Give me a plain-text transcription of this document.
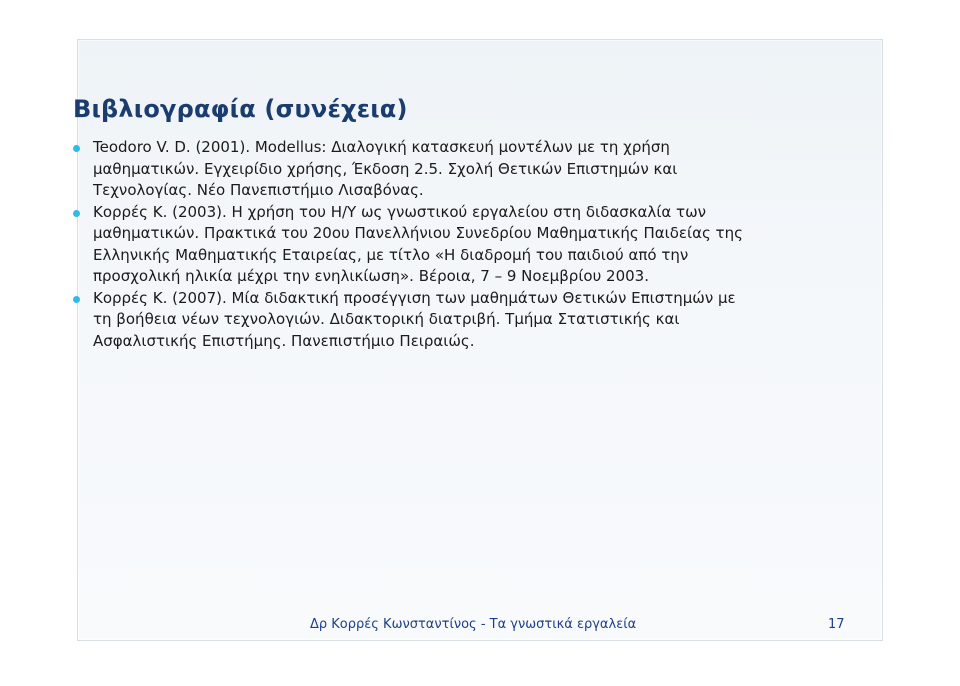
Βιβλιογραφία (συνέχεια)
Teodoro V. D. (2001). Modellus: Διαλογική κατασκευή μοντέλων με τη χρήση
μαθηματικών. Εγχειρίδιο χρήσης, Έκδοση 2.5. Σχολή Θετικών Επιστημών και
Τεχνολογίας. Νέο Πανεπιστήμιο Λισαβόνας.
Κορρές Κ. (2003). Η χρήση του Η/Υ ως γνωστικού εργαλείου στη διδασκαλία των
μαθηματικών. Πρακτικά του 20ου Πανελλήνιου Συνεδρίου Μαθηματικής Παιδείας της
Ελληνικής Μαθηματικής Εταιρείας, με τίτλο «Η διαδρομή του παιδιού από την
προσχολική ηλικία μέχρι την ενηλικίωση». Βέροια, 7 – 9 Νοεμβρίου 2003.
Κορρές Κ. (2007). Μία διδακτική προσέγγιση των μαθημάτων Θετικών Επιστημών με
τη βοήθεια νέων τεχνολογιών. Διδακτορική διατριβή. Τμήμα Στατιστικής και
Ασφαλιστικής Επιστήμης. Πανεπιστήμιο Πειραιώς.
Δρ Κορρές Κωνσταντίνος - Τα γνωστικά εργαλεία	17
